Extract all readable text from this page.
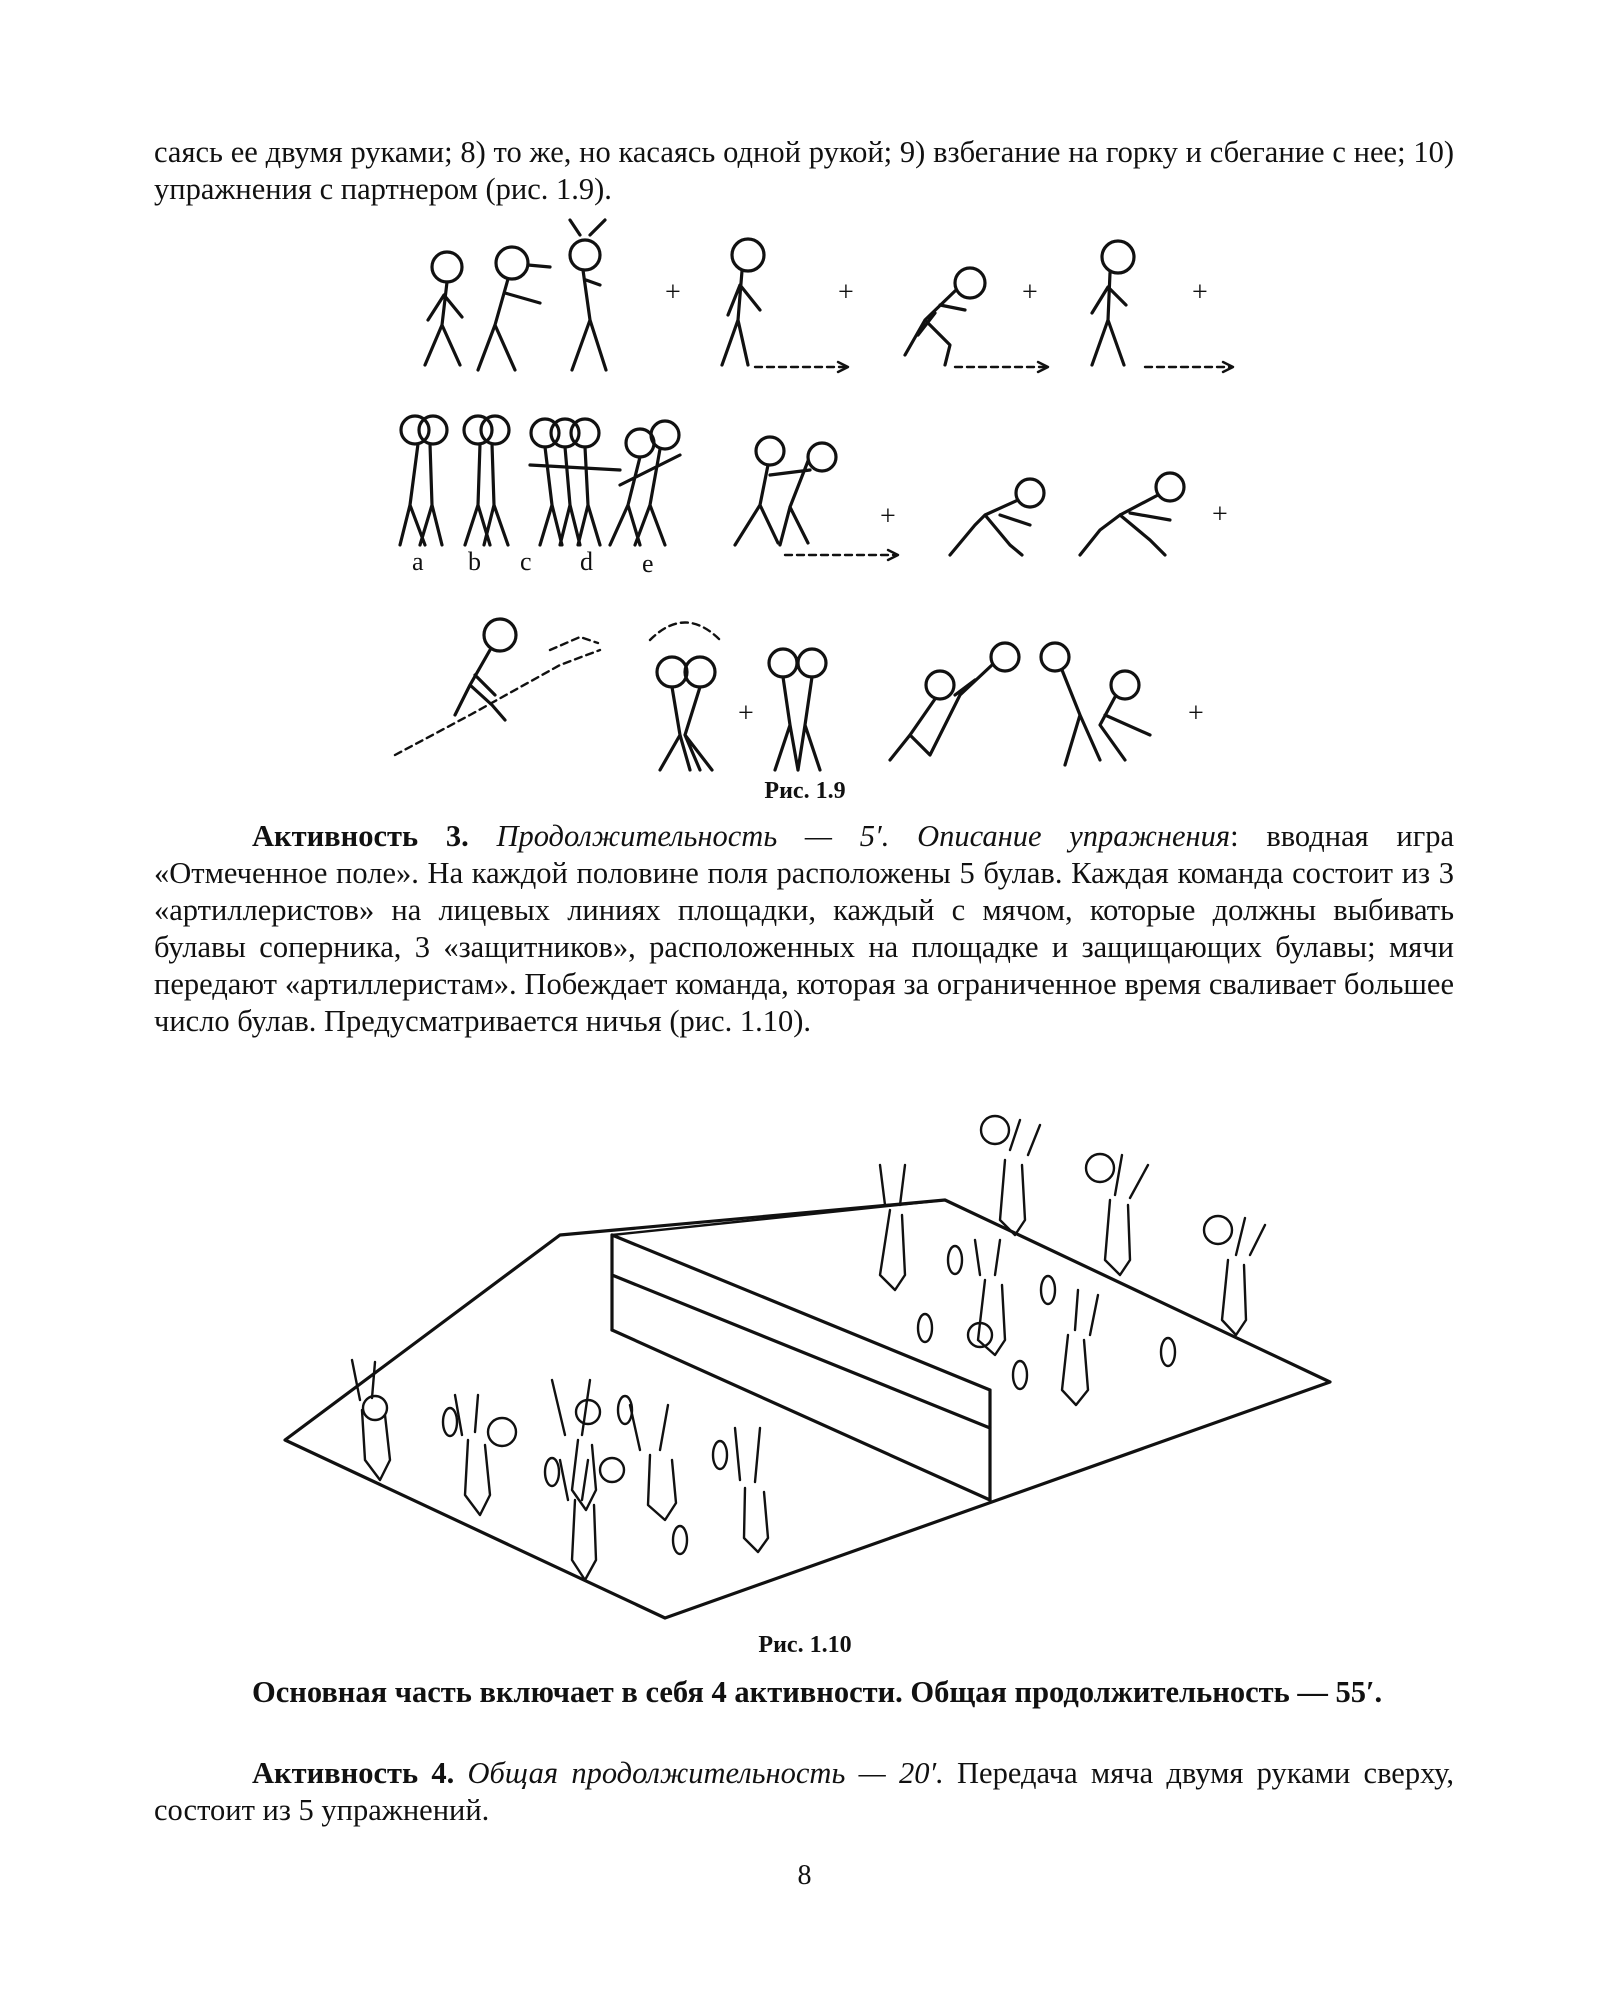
саясь ее двумя руками; 8) то же, но касаясь одной рукой; 9) взбегание на горку и сбегание с нее; 10) упражнения с партнером (рис. 1.9).

+	+	+	+
+	+
+	+
a b c d e
Рис. 1.9

Активность 3. Продолжительность — 5′. Описание упражнения: вводная игра «Отмеченное поле». На каждой половине поля расположены 5 булав. Каждая команда состоит из 3 «артиллеристов» на лицевых линиях площадки, каждый с мячом, которые должны выбивать булавы соперника, 3 «защитников», расположенных на площадке и защищающих булавы; мячи передают «артиллеристам». Побеждает команда, которая за ограниченное время сваливает большее число булав. Предусматривается ничья (рис. 1.10).

Рис. 1.10

Основная часть включает в себя 4 активности. Общая продолжительность — 55′.

Активность 4. Общая продолжительность — 20′. Передача мяча двумя руками сверху, состоит из 5 упражнений.

8
